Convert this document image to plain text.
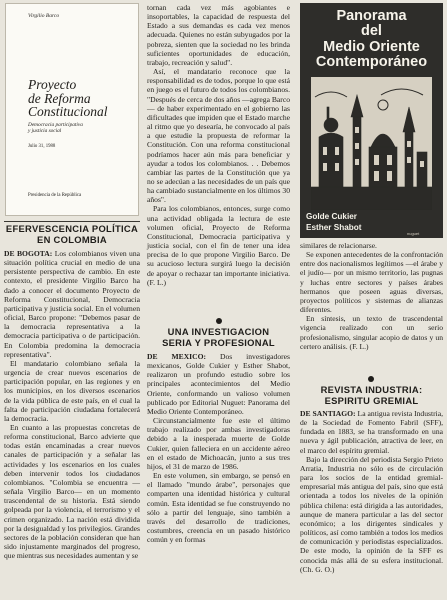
Virgilio Barco
Proyecto
de Reforma
Constitucional
Democracia participativa
y justicia social
Julio 31, 1988
Presidencia de la República
EFERVESCENCIA POLÍTICA
EN COLOMBIA

DE BOGOTA: Los colombianos viven una situación política crucial en medio de una persistente perspectiva de cambio. En este contexto, el presidente Virgilio Barco ha dado a conocer el documento Proyecto de Reforma Constitucional, Democracia participativa y justicia social. En el volumen oficial, Barco propone: "Debemos pasar de la democracia representativa a la democracia participativa o de participación. En Colombia predomina la democracia representativa".

El mandatario colombiano señala la urgencia de crear nuevos escenarios de participación popular, en las regiones y en los municipios, en los diversos escenarios de la vida pública de este país, en el cual la falta de participación ciudadana fortalecerá la democracia.

En cuanto a las propuestas concretas de reforma constitucional, Barco advierte que todas están encaminadas a crear nuevos canales de participación y a señalar las actividades y los escenarios en los cuales deben intervenir todos los ciudadanos colombianos. "Colombia se encuentra —señala Virgilio Barco— en un momento trascendental de su historia. Está siendo golpeada por la violencia, el terrorismo y el crimen organizado. La nación está dividida por la desigualdad y los privilegios. Grandes sectores de la población consideran que han sido injustamente marginados del progreso, que mientras sus necesidades aumentan y se

tornan cada vez más agobiantes e insoportables, la capacidad de respuesta del Estado a sus demandas es cada vez menos adecuada. Quienes no están subyugados por la pobreza, sienten que la sociedad no les brinda suficientes oportunidades de educación, trabajo, recreación y salud".

Así, el mandatario reconoce que la responsabilidad es de todos, porque lo que está en juego es el futuro de todos los colombianos. "Después de cerca de dos años —agrega Barco— de haber experimentado en el gobierno las dificultades que impiden que el Estado marche al ritmo que yo desearía, he convocado al país a que estudie la propuesta de reformar la Constitución. Con una reforma constitucional podríamos hacer aún más para beneficiar y ayudar a todos los colombianos. . . Debemos cambiar las partes de la Constitución que ya no se adecúan a las necesidades de un país que ha cambiado sustancialmente en los últimos 30 años".

Para los colombianos, entonces, surge como una actividad obligada la lectura de este volumen oficial, Proyecto de Reforma Constitucional, Democracia participativa y justicia social, con el fin de tener una idea precisa de lo que propone Virgilio Barco. De su acucioso lectura surgirá luego la decisión de apoyar o rechazar tan importante iniciativa. (F. L.)

UNA INVESTIGACION
SERIA Y PROFESIONAL

DE MEXICO: Dos investigadores mexicanos, Golde Cukier y Esther Shabot, realizaron un profundo estudio sobre los principales acontecimientos del Medio Oriente, conformando un valioso volumen publicado por Editorial Nuguet: Panorama del Medio Oriente Contemporáneo.

Circunstancialmente fue este el último trabajo realizado por ambas investigadoras debido a la inesperada muerte de Golde Cukier, quien falleciera en un accidente aéreo en el estado de Michoacán, junto a sus tres hijos, el 31 de marzo de 1986.

En este volumen, sin embargo, se pensó en el llamado "mundo árabe", personajes que comparten una identidad histórica y cultural común. Esta identidad se fue construyendo no sólo a partir del lenguaje, sino también a través del desarrollo de tradiciones, costumbres, creencia en un pasado histórico común y en formas

Panorama
del
Medio Oriente
Contemporáneo
Golde Cukier
Esther Shabot
nuguet

similares de relacionarse.

Se exponen antecedentes de la confrontación entre dos nacionalismos legítimos —el árabe y el judío— por un mismo territorio, las pugnas y luchas entre sectores y países árabes hermanos que poseen aguas diversas, proyectos políticos y sistemas de alianzas diferentes.

En síntesis, un texto de trascendental vigencia realizado con un serio profesionalismo, singular acopio de datos y un certero análisis. (F. L.)

REVISTA INDUSTRIA:
ESPIRITU GREMIAL

DE SANTIAGO: La antigua revista Industria, de la Sociedad de Fomento Fabril (SFF), fundada en 1883, se ha transformado en una nueva y ágil publicación, atractiva de leer, en el marco del espíritu gremial.

Bajo la dirección del periodista Sergio Prieto Arratia, Industria no sólo es de circulación para los socios de la entidad gremial-empresarial más antigua del país, sino que está orientada a todos los niveles de la opinión pública chilena: está dirigida a las autoridades, aunque de manera particular a las del sector económico; a los dirigentes sindicales y políticos, así como también a todos los medios de comunicación y periodistas especializados. De este modo, la opinión de la SFF es conocida más allá de su esfera institucional. (Ch. G. O.)
